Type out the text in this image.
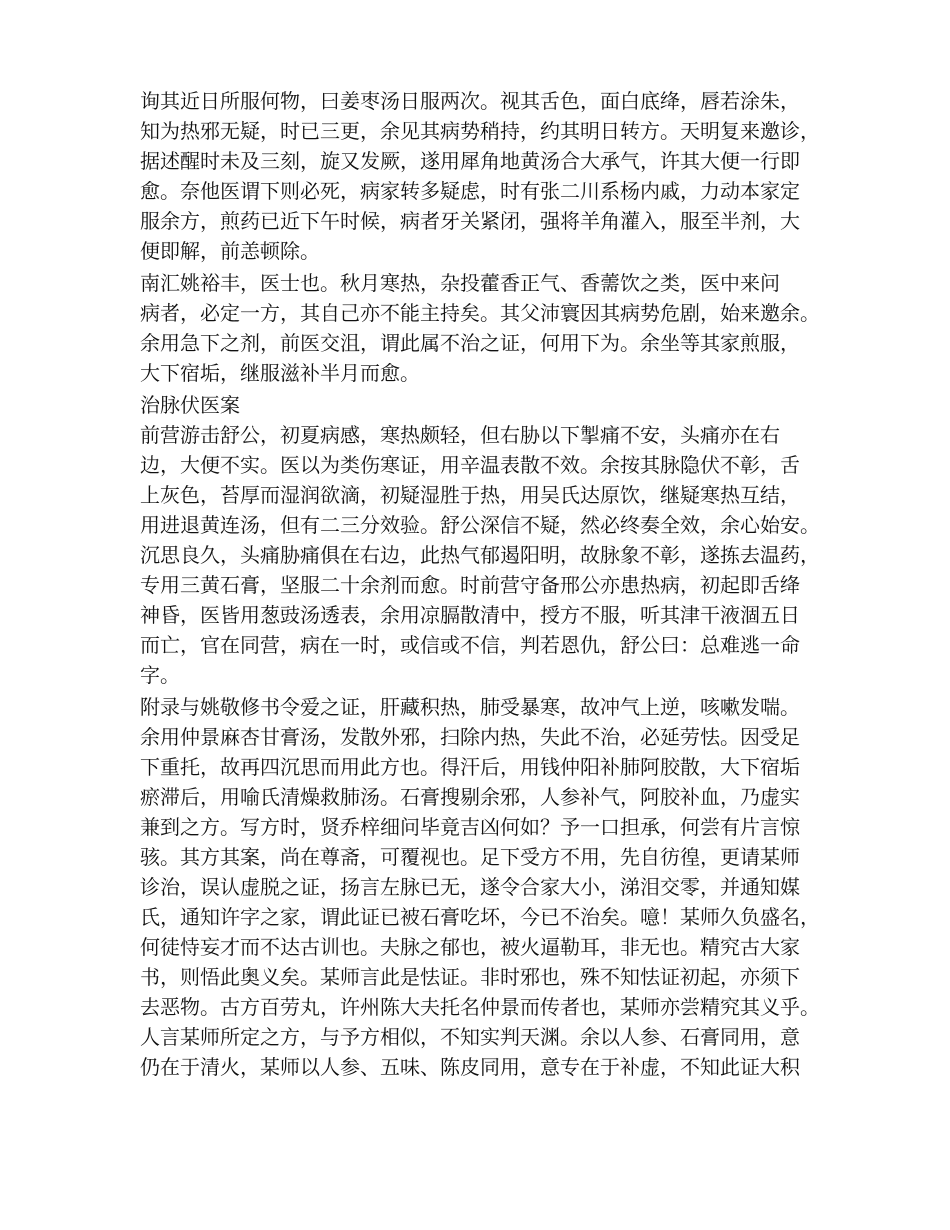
询其近日所服何物，曰姜枣汤日服两次。视其舌色，面白底绛，唇若涂朱，
知为热邪无疑，时已三更，余见其病势稍持，约其明日转方。天明复来邀诊，
据述醒时未及三刻，旋又发厥，遂用犀角地黄汤合大承气，许其大便一行即
愈。奈他医谓下则必死，病家转多疑虑，时有张二川系杨内戚，力动本家定
服余方，煎药已近下午时候，病者牙关紧闭，强将羊角灌入，服至半剂，大
便即解，前恙顿除。
南汇姚裕丰，医士也。秋月寒热，杂投藿香正气、香薷饮之类，医中来问
病者，必定一方，其自己亦不能主持矣。其父沛寰因其病势危剧，始来邀余。
余用急下之剂，前医交沮，谓此属不治之证，何用下为。余坐等其家煎服，
大下宿垢，继服滋补半月而愈。
治脉伏医案
前营游击舒公，初夏病感，寒热颇轻，但右胁以下掣痛不安，头痛亦在右
边，大便不实。医以为类伤寒证，用辛温表散不效。余按其脉隐伏不彰，舌
上灰色，苔厚而湿润欲滴，初疑湿胜于热，用吴氏达原饮，继疑寒热互结，
用进退黄连汤，但有二三分效验。舒公深信不疑，然必终奏全效，余心始安。
沉思良久，头痛胁痛俱在右边，此热气郁遏阳明，故脉象不彰，遂拣去温药，
专用三黄石膏，坚服二十余剂而愈。时前营守备邢公亦患热病，初起即舌绛
神昏，医皆用葱豉汤透表，余用凉膈散清中，授方不服，听其津干液涸五日
而亡，官在同营，病在一时，或信或不信，判若恩仇，舒公曰：总难逃一命
字。
附录与姚敬修书令爱之证，肝藏积热，肺受暴寒，故冲气上逆，咳嗽发喘。
余用仲景麻杏甘膏汤，发散外邪，扫除内热，失此不治，必延劳怯。因受足
下重托，故再四沉思而用此方也。得汗后，用钱仲阳补肺阿胶散，大下宿垢
瘀滞后，用喻氏清燥救肺汤。石膏搜剔余邪，人参补气，阿胶补血，乃虚实
兼到之方。写方时，贤乔梓细问毕竟吉凶何如？予一口担承，何尝有片言惊
骇。其方其案，尚在尊斋，可覆视也。足下受方不用，先自彷徨，更请某师
诊治，误认虚脱之证，扬言左脉已无，遂令合家大小，涕泪交零，并通知媒
氏，通知许字之家，谓此证已被石膏吃坏，今已不治矣。噫！某师久负盛名，
何徒恃妄才而不达古训也。夫脉之郁也，被火逼勒耳，非无也。精究古大家
书，则悟此奥义矣。某师言此是怯证。非时邪也，殊不知怯证初起，亦须下
去恶物。古方百劳丸，许州陈大夫托名仲景而传者也，某师亦尝精究其义乎。
人言某师所定之方，与予方相似，不知实判天渊。余以人参、石膏同用，意
仍在于清火，某师以人参、五味、陈皮同用，意专在于补虚，不知此证大积
